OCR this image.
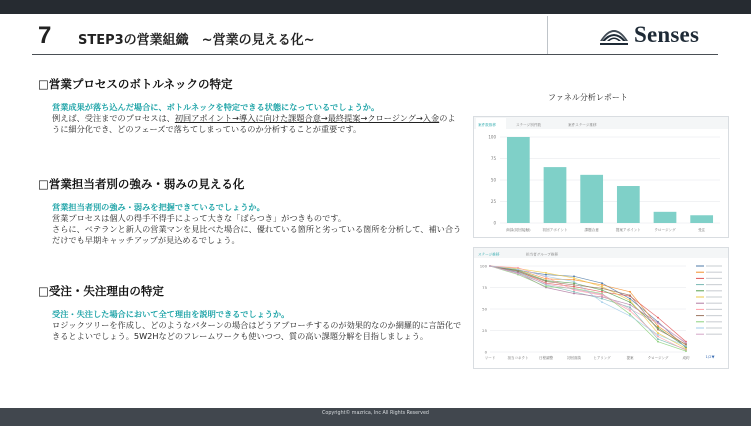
7 STEP3の営業組織　~営業の見える化~	Senses
□営業プロセスのボトルネックの特定
営業成果が落ち込んだ場合に、ボトルネックを特定できる状態になっているでしょうか。
例えば、受注までのプロセスは、初回アポイント→導入に向けた課題合意→最終提案→クロージング→入金のように細分化でき、どのフェーズで落ちてしまっているのか分析することが重要です。
□営業担当者別の強み・弱みの見える化
営業担当者別の強み・弱みを把握できているでしょうか。
営業プロセスは個人の得手不得手によって大きな「ばらつき」がつきものです。
さらに、ベテランと新人の営業マンを見比べた場合に、優れている箇所と劣っている箇所を分析して、補い合うだけでも早期キャッチアップが見込めるでしょう。
□受注・失注理由の特定
受注・失注した場合において全て理由を説明できるでしょうか。
ロジックツリーを作成し、どのようなパターンの場合はどうアプローチするのが効果的なのか網羅的に言語化できるとよいでしょう。5W2Hなどのフレームワークも使いつつ、質の高い課題分解を目指しましょう。
ファネル分析レポート
案件数推移	ステージ別件数	案件ステージ推移
0
25
50
75
100
商談(初回接触)	初回アポイント	課題合意	提案アポイント	クロージング	受注
ステージ推移	担当者グループ推移
0
25
50
75
100
リード	担当コネクト	日程調整	初回面談	ヒアリング	提案	クロージング	成約	1/2▼
Copyright© mazrica, Inc All Rights Reserved
